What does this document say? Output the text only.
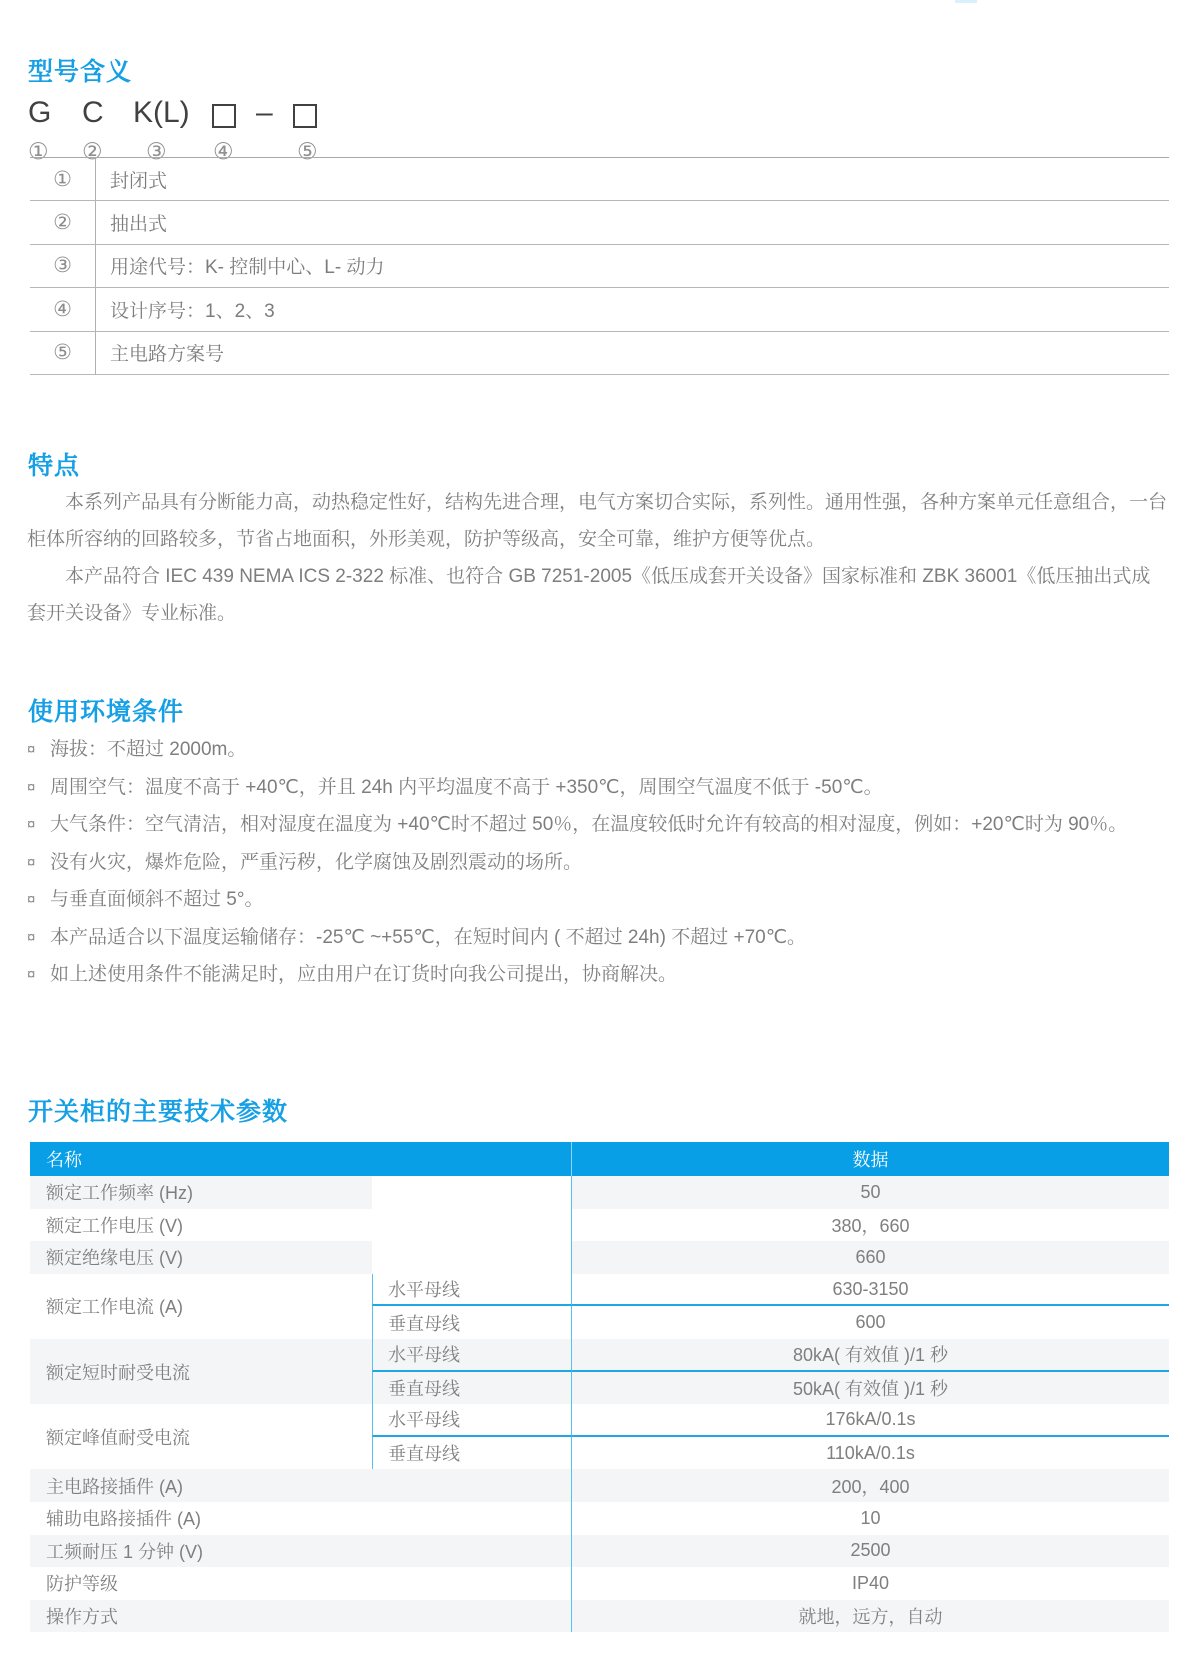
型号含义
G C K(L) –
① ② ③ ④	⑤
①	封闭式
②	抽出式
③	用途代号：K- 控制中心、L- 动力
④	设计序号：1、2、3
⑤	主电路方案号
特点

本系列产品具有分断能力高，动热稳定性好，结构先进合理，电气方案切合实际，系列性。通用性强，各种方案单元任意组合，一台柜体所容纳的回路较多，节省占地面积，外形美观，防护等级高，安全可靠，维护方便等优点。

本产品符合 IEC 439 NEMA ICS 2-322 标准、也符合 GB 7251-2005《低压成套开关设备》国家标准和 ZBK 36001《低压抽出式成套开关设备》专业标准。

使用环境条件
¤ 海拔：不超过 2000m。
¤ 周围空气：温度不高于 +40℃，并且 24h 内平均温度不高于 +350℃，周围空气温度不低于 -50℃。
¤ 大气条件：空气清洁，相对湿度在温度为 +40℃时不超过 50％，在温度较低时允许有较高的相对湿度，例如：+20℃时为 90％。
¤ 没有火灾，爆炸危险，严重污秽，化学腐蚀及剧烈震动的场所。
¤ 与垂直面倾斜不超过 5°。
¤ 本产品适合以下温度运输储存：-25℃ ~+55℃，在短时间内 ( 不超过 24h) 不超过 +70℃。
¤ 如上述使用条件不能满足时，应由用户在订货时向我公司提出，协商解决。
开关柜的主要技术参数
名称	数据
额定工作频率 (Hz)	50
额定工作电压 (V)	380，660
额定绝缘电压 (V)	660
额定工作电流 (A)
水平母线	630-3150
垂直母线	600
额定短时耐受电流
水平母线	80kA( 有效值 )/1 秒
垂直母线	50kA( 有效值 )/1 秒
额定峰值耐受电流
水平母线	176kA/0.1s
垂直母线	110kA/0.1s
主电路接插件 (A)	200，400
辅助电路接插件 (A)	10
工频耐压 1 分钟 (V)	2500
防护等级	IP40
操作方式	就地，远方，自动
